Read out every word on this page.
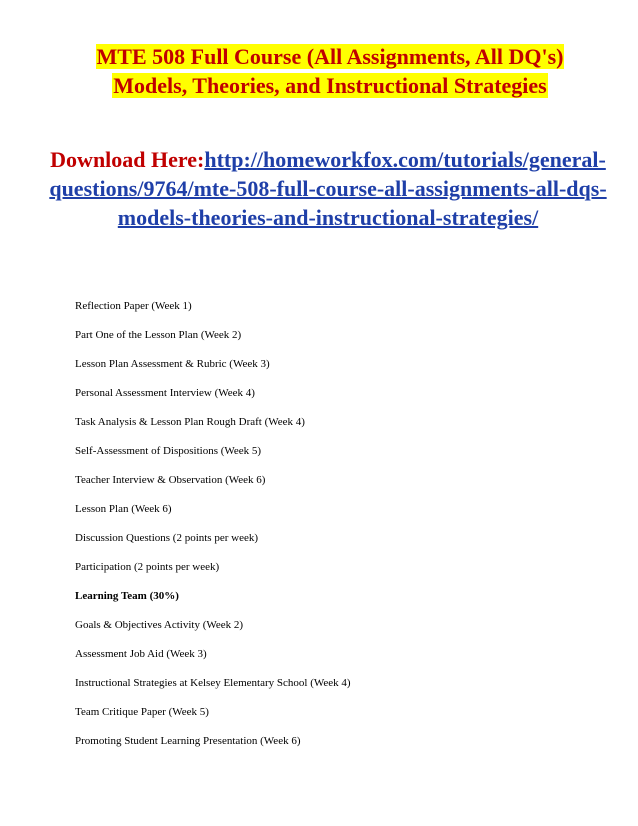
MTE 508 Full Course (All Assignments, All DQ's) Models, Theories, and Instructional Strategies
Download Here:http://homeworkfox.com/tutorials/general-questions/9764/mte-508-full-course-all-assignments-all-dqs-models-theories-and-instructional-strategies/
Reflection Paper (Week 1)
Part One of the Lesson Plan (Week 2)
Lesson Plan Assessment & Rubric (Week 3)
Personal Assessment Interview (Week 4)
Task Analysis & Lesson Plan Rough Draft (Week 4)
Self-Assessment of Dispositions (Week 5)
Teacher Interview & Observation (Week 6)
Lesson Plan (Week 6)
Discussion Questions (2 points per week)
Participation (2 points per week)
Learning Team (30%)
Goals & Objectives Activity (Week 2)
Assessment Job Aid (Week 3)
Instructional Strategies at Kelsey Elementary School (Week 4)
Team Critique Paper (Week 5)
Promoting Student Learning Presentation (Week 6)
